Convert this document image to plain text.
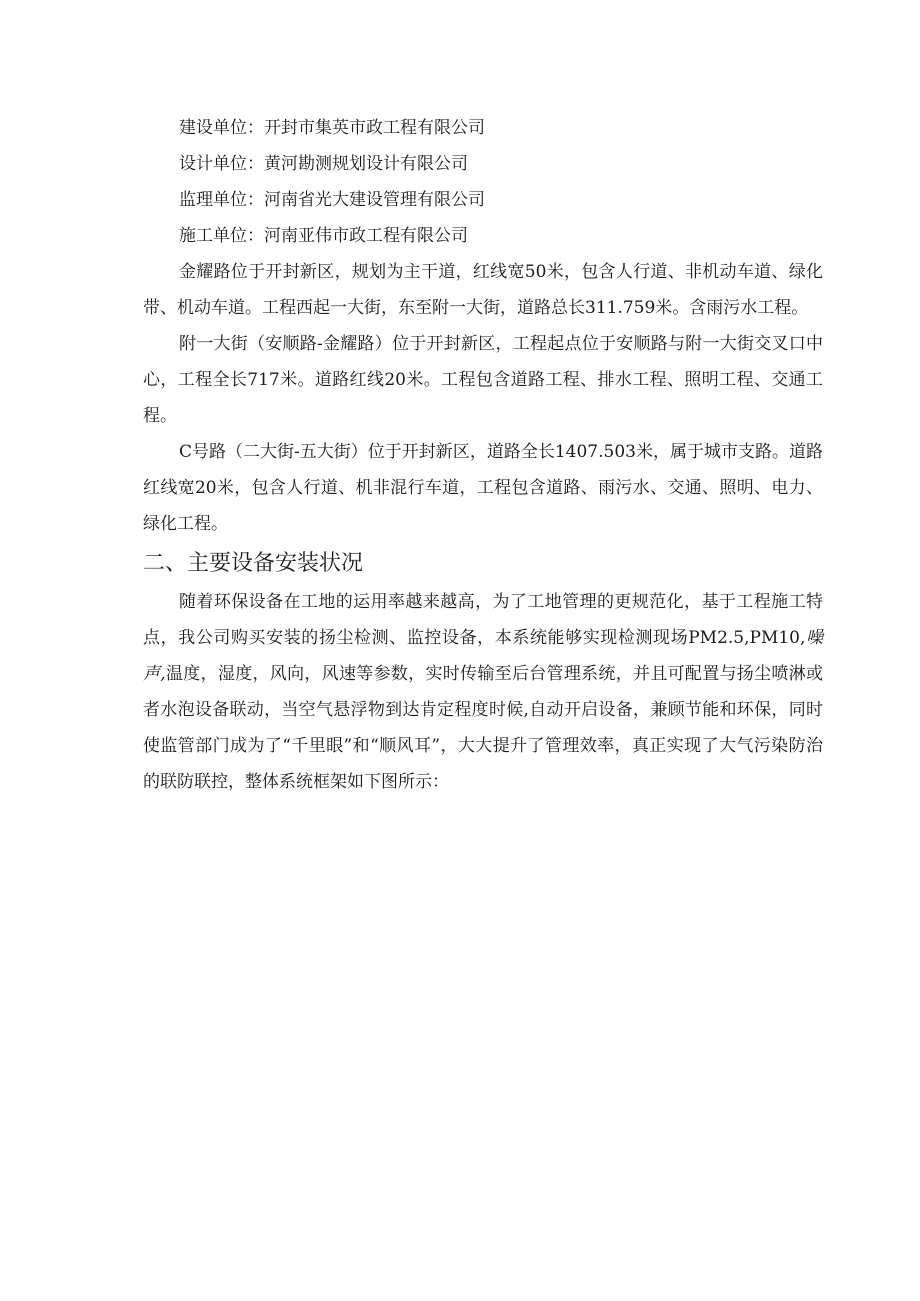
建设单位：开封市集英市政工程有限公司

设计单位：黄河勘测规划设计有限公司

监理单位：河南省光大建设管理有限公司

施工单位：河南亚伟市政工程有限公司

金耀路位于开封新区，规划为主干道，红线宽50米，包含人行道、非机动车道、绿化带、机动车道。工程西起一大街，东至附一大街，道路总长311.759米。含雨污水工程。

附一大街（安顺路-金耀路）位于开封新区，工程起点位于安顺路与附一大街交叉口中心，工程全长717米。道路红线20米。工程包含道路工程、排水工程、照明工程、交通工程。

C号路（二大街-五大街）位于开封新区，道路全长1407.503米，属于城市支路。道路红线宽20米，包含人行道、机非混行车道，工程包含道路、雨污水、交通、照明、电力、绿化工程。

二、主要设备安装状况

随着环保设备在工地的运用率越来越高，为了工地管理的更规范化，基于工程施工特点，我公司购买安装的扬尘检测、监控设备，本系统能够实现检测现场PM2.5,PM10,噪声,温度，湿度，风向，风速等参数，实时传输至后台管理系统，并且可配置与扬尘喷淋或者水泡设备联动，当空气悬浮物到达肯定程度时候,自动开启设备，兼顾节能和环保，同时使监管部门成为了“千里眼”和“顺风耳”，大大提升了管理效率，真正实现了大气污染防治的联防联控，整体系统框架如下图所示：
